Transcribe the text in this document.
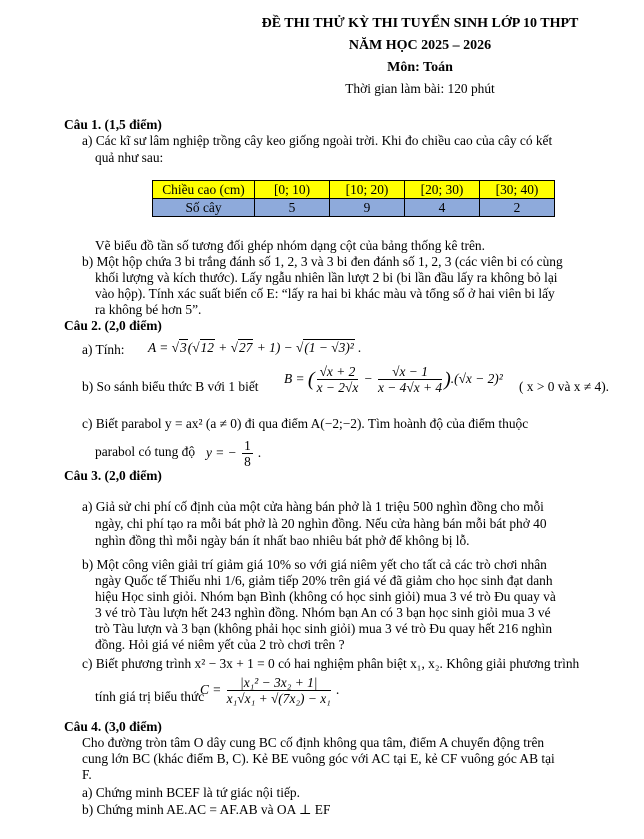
ĐỀ THI THỬ KỲ THI TUYỂN SINH LỚP 10 THPT
NĂM HỌC 2025 – 2026
Môn: Toán
Thời gian làm bài: 120 phút
Câu 1. (1,5 điểm)
a) Các kĩ sư lâm nghiệp trồng cây keo giống ngoài trời. Khi đo chiều cao của cây có kết
quả như sau:
Chiều cao (cm)	[0; 10)	[10; 20)	[20; 30)	[30; 40)
Số cây	5	9	4	2
Vẽ biểu đồ tần số tương đối ghép nhóm dạng cột của bảng thống kê trên.
b) Một hộp chứa 3 bi trắng đánh số 1, 2, 3 và 3 bi đen đánh số 1, 2, 3 (các viên bi có cùng
khối lượng và kích thước). Lấy ngẫu nhiên lần lượt 2 bi (bi lần đầu lấy ra không bỏ lại
vào hộp). Tính xác suất biến cố E: “lấy ra hai bi khác màu và tổng số ở hai viên bi lấy
ra không bé hơn 5”.
Câu 2. (2,0 điểm)
a) Tính: A = √3(√12 + √27 + 1) − √(1 − √3)² .
b) So sánh biểu thức B với 1 biết
B = ( $\frac{√x + 2}{x - 2√x} - \frac{√x - 1}{x - 4√x + 4} ).(√x - 2)^2$
( x > 0 và x ≠ 4).
c) Biết parabol y = ax² (a ≠ 0) đi qua điểm A(−2;−2). Tìm hoành độ của điểm thuộc
parabol có tung độ y = − $\frac{1}{8}$ .
Câu 3. (2,0 điểm)
a) Giả sử chi phí cố định của một cửa hàng bán phở là 1 triệu 500 nghìn đồng cho mỗi
ngày, chi phí tạo ra mỗi bát phở là 20 nghìn đồng. Nếu cửa hàng bán mỗi bát phở 40
nghìn đồng thì mỗi ngày bán ít nhất bao nhiêu bát phở để không bị lỗ.
b) Một công viên giải trí giảm giá 10% so với giá niêm yết cho tất cả các trò chơi nhân
ngày Quốc tế Thiếu nhi 1/6, giảm tiếp 20% trên giá vé đã giảm cho học sinh đạt danh
hiệu Học sinh giỏi. Nhóm bạn Bình (không có học sinh giỏi) mua 3 vé trò Đu quay và
3 vé trò Tàu lượn hết 243 nghìn đồng. Nhóm bạn An có 3 bạn học sinh giỏi mua 3 vé
trò Tàu lượn và 3 bạn (không phải học sinh giỏi) mua 3 vé trò Đu quay hết 216 nghìn
đồng. Hỏi giá vé niêm yết của 2 trò chơi trên ?
c) Biết phương trình x² − 3x + 1 = 0 có hai nghiệm phân biệt x₁, x₂. Không giải phương trình
tính giá trị biểu thức
$C = \frac{\text{|x₁² − 3x₂ + 1|}}{\text{x₁√x₁ + √(7x₂) − x₁}}$ .
Câu 4. (3,0 điểm)
Cho đường tròn tâm O dây cung BC cố định không qua tâm, điểm A chuyển động trên
cung lớn BC (khác điểm B, C). Kẻ BE vuông góc với AC tại E, kẻ CF vuông góc AB tại
F.
a) Chứng minh BCEF là tứ giác nội tiếp.
b) Chứng minh AE.AC = AF.AB và OA ⊥ EF
